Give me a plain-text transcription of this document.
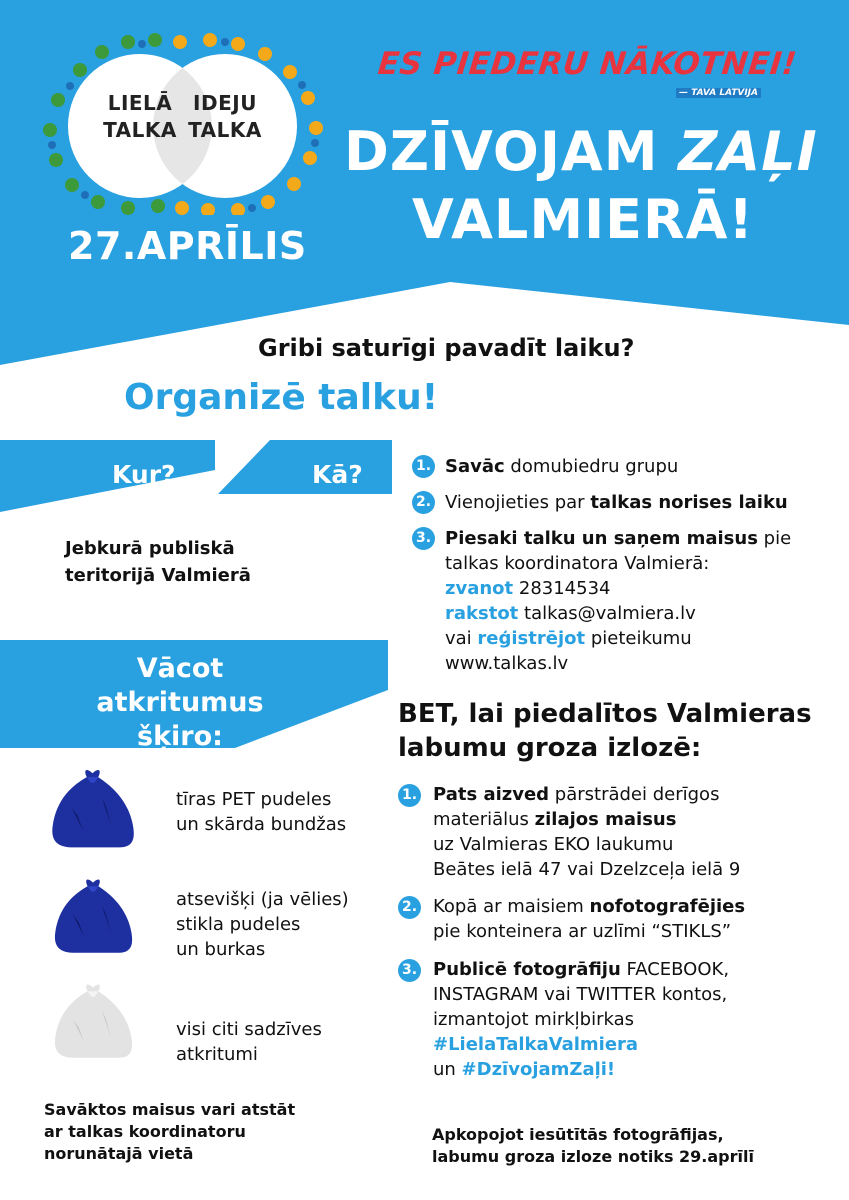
LIELĀ
TALKA
IDEJU
TALKA
27.APRĪLIS
ES PIEDERU NĀKOTNEI!
— TAVA LATVIJA
DZĪVOJAM ZAĻI
VALMIERĀ!
Gribi saturīgi pavadīt laiku?
Organizē talku!
Kur?	Kā?
Jebkurā publiskā
teritorijā Valmierā
1. Savāc domubiedru grupu
2. Vienojieties par talkas norises laiku
3. Piesaki talku un saņem maisus pie
talkas koordinatora Valmierā:
zvanot 28314534
rakstot talkas@valmiera.lv
vai reģistrējot pieteikumu
www.talkas.lv
Vācot atkritumus
šķiro:
tīras PET pudeles
un skārda bundžas
atsevišķi (ja vēlies)
stikla pudeles
un burkas
visi citi sadzīves
atkritumi
Savāktos maisus vari atstāt
ar talkas koordinatoru
norunātajā vietā
BET, lai piedalītos Valmieras
labumu groza izlozē:
1. Pats aizved pārstrādei derīgos
materiālus zilajos maisus
uz Valmieras EKO laukumu
Beātes ielā 47 vai Dzelzceļa ielā 9
2. Kopā ar maisiem nofotografējies
pie konteinera ar uzlīmi “STIKLS”
3. Publicē fotogrāfiju FACEBOOK,
INSTAGRAM vai TWITTER kontos,
izmantojot mirkļbirkas
#LielaTalkaValmiera
un #DzīvojamZaļi!
Apkopojot iesūtītās fotogrāfijas,
labumu groza izloze notiks 29.aprīlī
